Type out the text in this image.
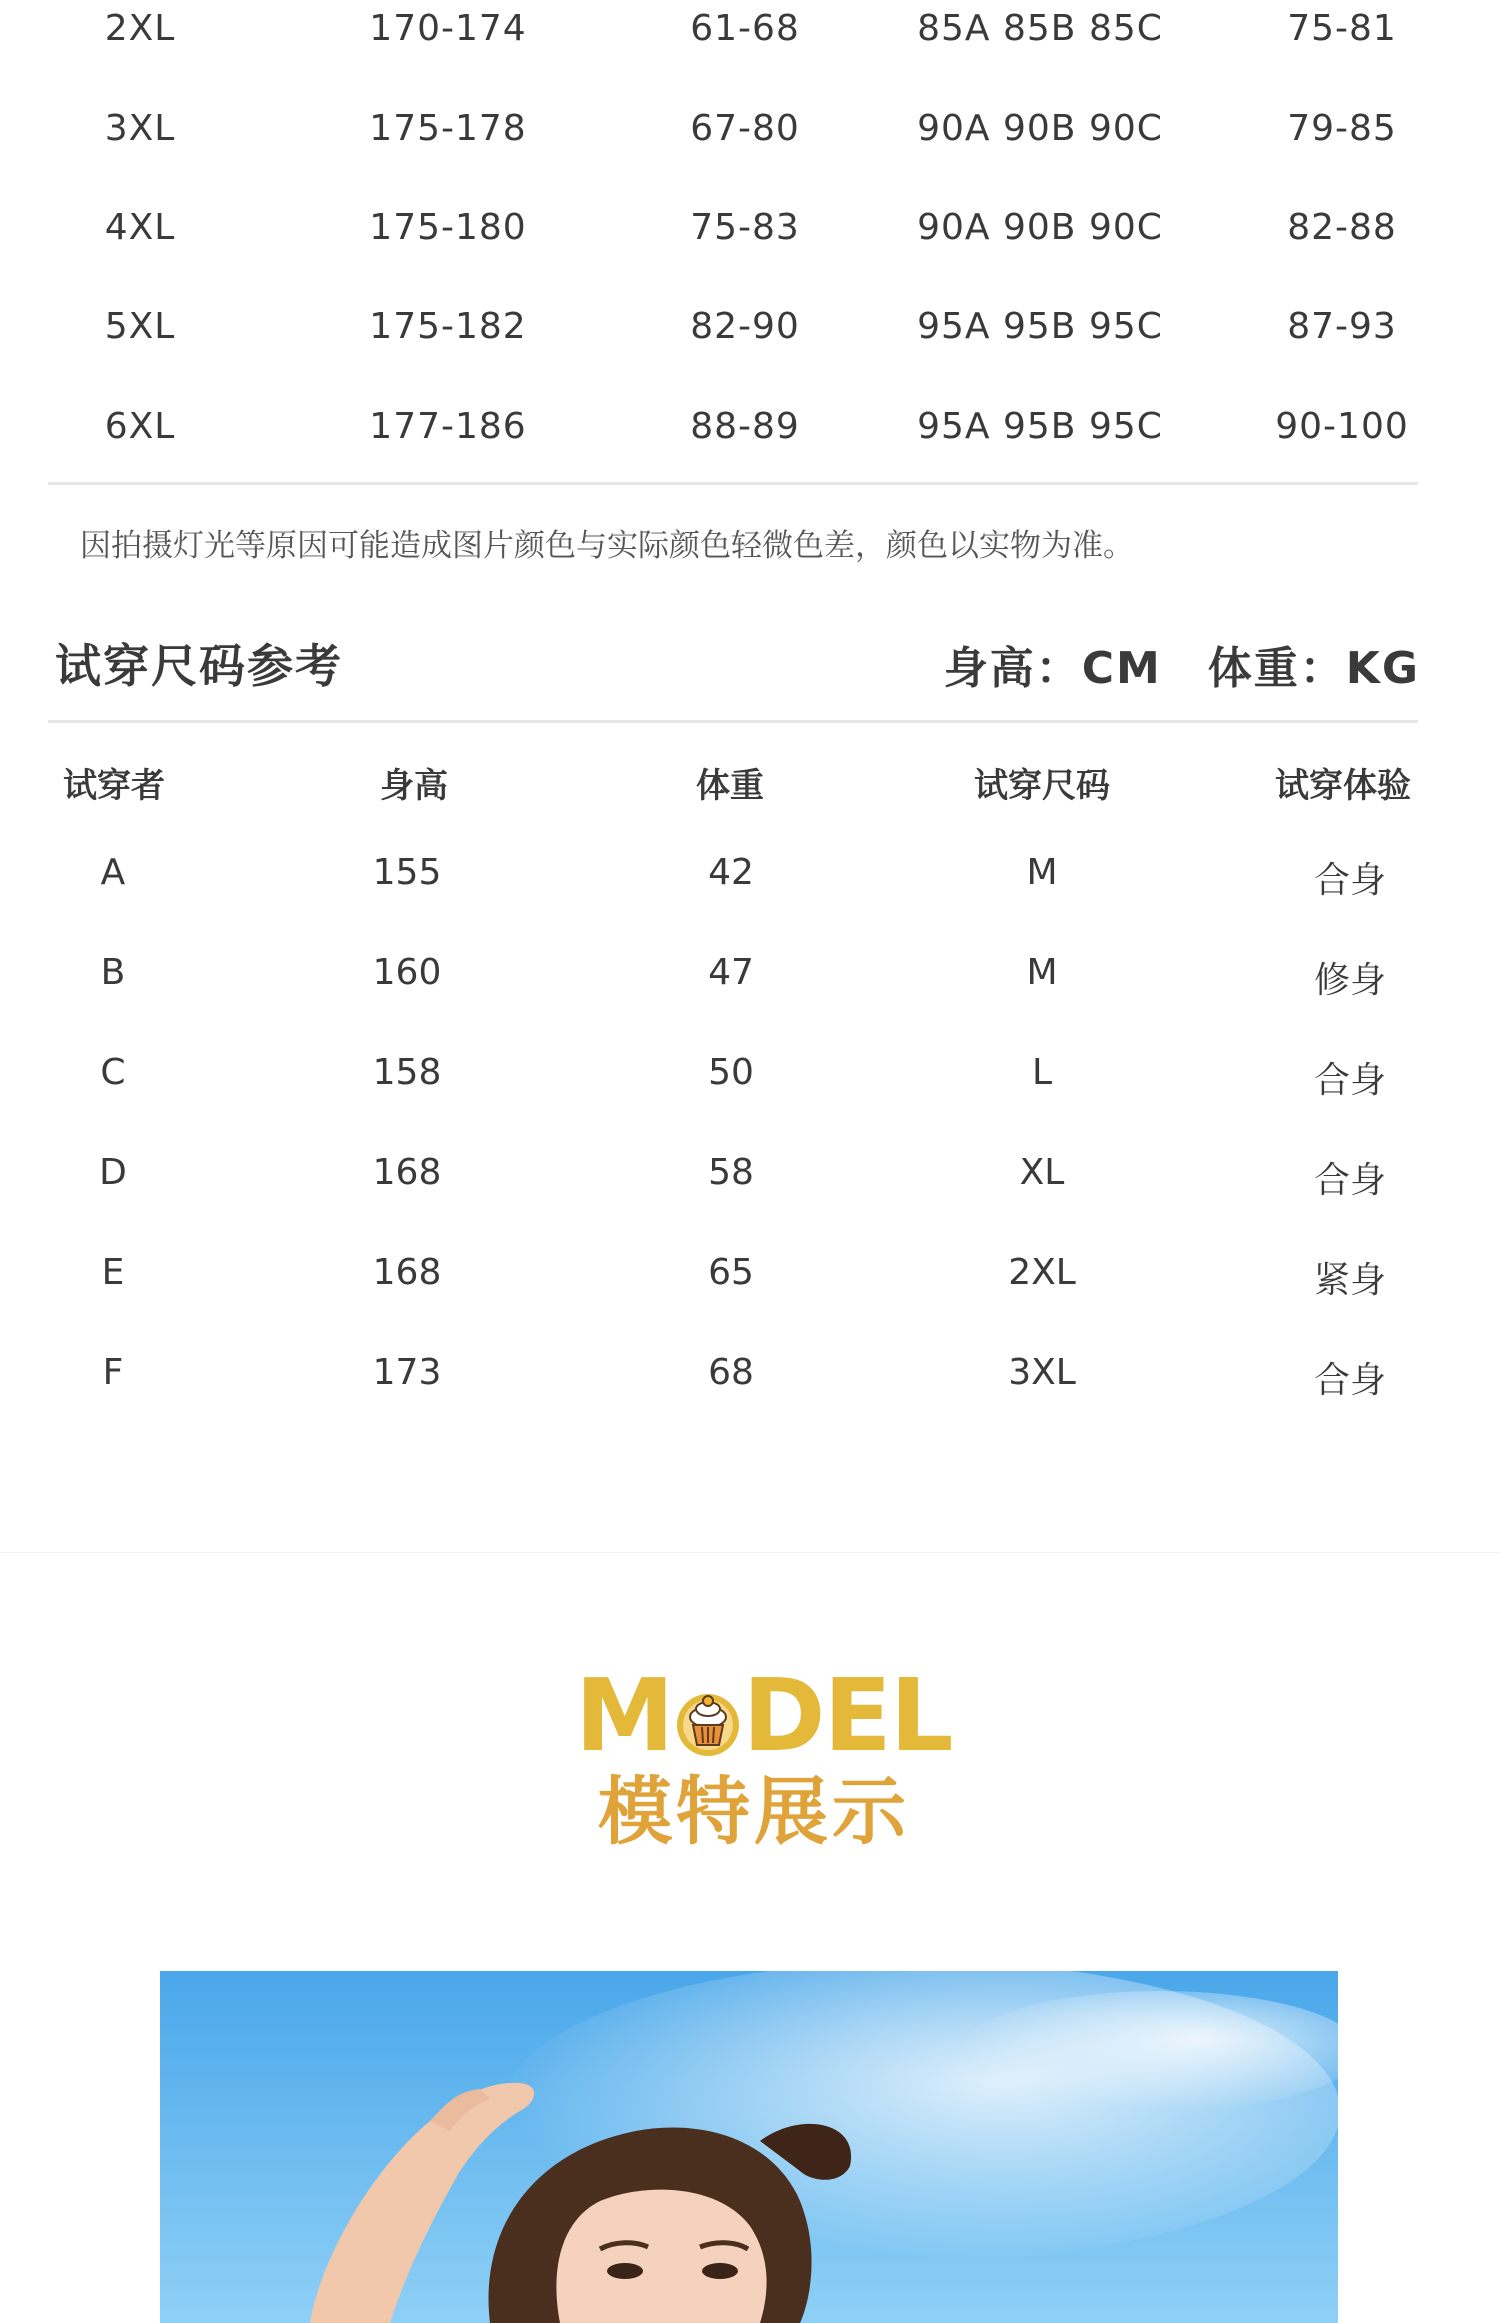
2XL	170-174	61-68	85A 85B 85C	75-81
3XL	175-178	67-80	90A 90B 90C	79-85
4XL	175-180	75-83	90A 90B 90C	82-88
5XL	175-182	82-90	95A 95B 95C	87-93
6XL	177-186	88-89	95A 95B 95C	90-100
因拍摄灯光等原因可能造成图片颜色与实际颜色轻微色差，颜色以实物为准。
试穿尺码参考	身高：CM　体重：KG
试穿者	身高	体重	试穿尺码	试穿体验
A	155	42	M	合身
B	160	47	M	修身
C	158	50	L	合身
D	168	58	XL	合身
E	168	65	2XL	紧身
F	173	68	3XL	合身
M DEL
模特展示
